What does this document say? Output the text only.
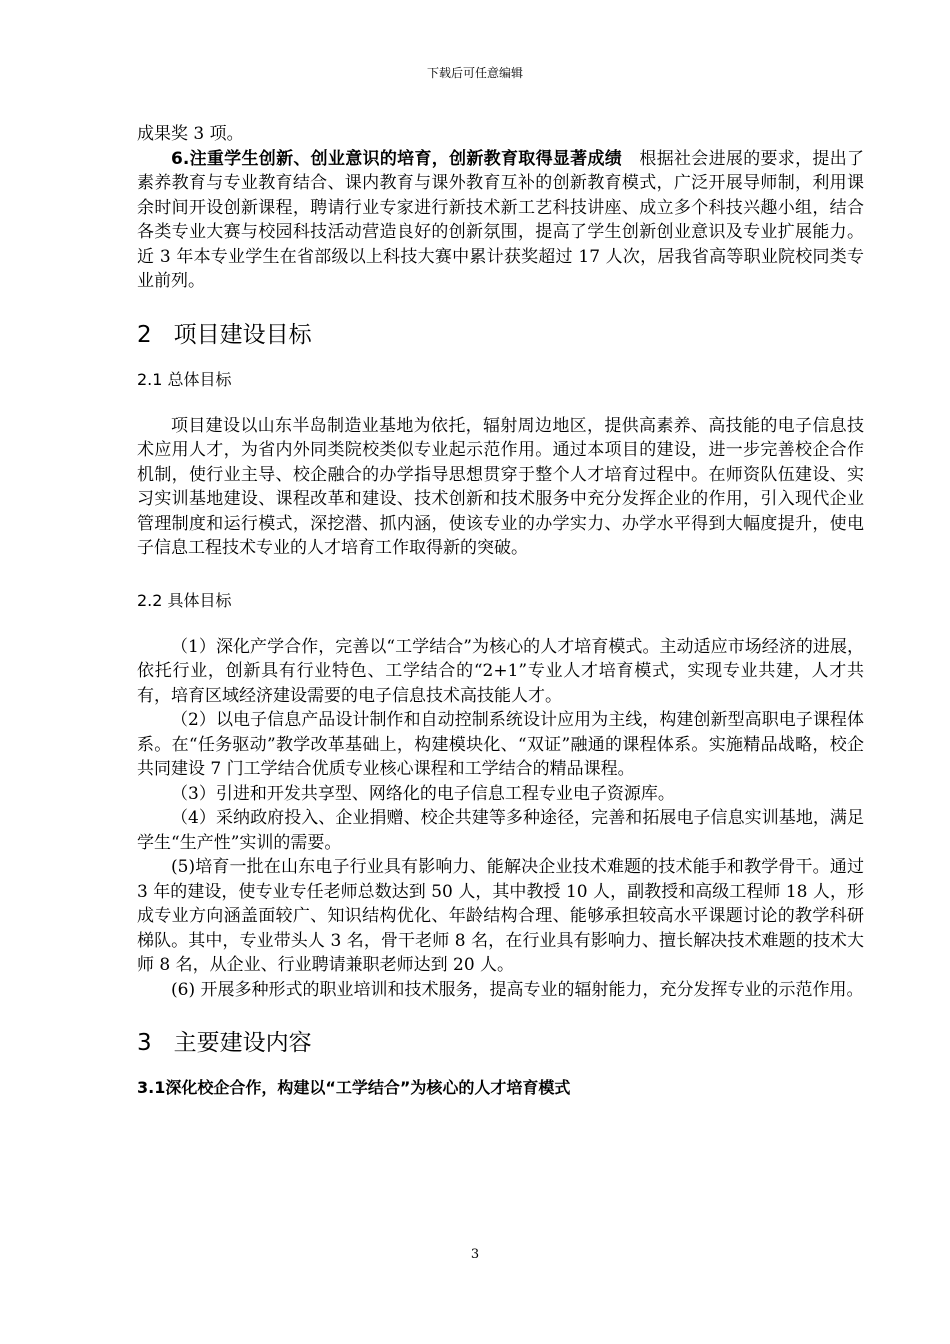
下载后可任意编辑

成果奖 3 项。

6.注重学生创新、创业意识的培育，创新教育取得显著成绩　根据社会进展的要求，提出了素养教育与专业教育结合、课内教育与课外教育互补的创新教育模式，广泛开展导师制，利用课余时间开设创新课程，聘请行业专家进行新技术新工艺科技讲座、成立多个科技兴趣小组，结合各类专业大赛与校园科技活动营造良好的创新氛围，提高了学生创新创业意识及专业扩展能力。近 3 年本专业学生在省部级以上科技大赛中累计获奖超过 17 人次，居我省高等职业院校同类专业前列。

2 项目建设目标
2.1 总体目标

项目建设以山东半岛制造业基地为依托，辐射周边地区，提供高素养、高技能的电子信息技术应用人才，为省内外同类院校类似专业起示范作用。通过本项目的建设，进一步完善校企合作机制，使行业主导、校企融合的办学指导思想贯穿于整个人才培育过程中。在师资队伍建设、实习实训基地建设、课程改革和建设、技术创新和技术服务中充分发挥企业的作用，引入现代企业管理制度和运行模式，深挖潜、抓内涵，使该专业的办学实力、办学水平得到大幅度提升，使电子信息工程技术专业的人才培育工作取得新的突破。

2.2 具体目标

（1）深化产学合作，完善以“工学结合”为核心的人才培育模式。主动适应市场经济的进展，依托行业，创新具有行业特色、工学结合的“2+1”专业人才培育模式，实现专业共建，人才共有，培育区域经济建设需要的电子信息技术高技能人才。

（2）以电子信息产品设计制作和自动控制系统设计应用为主线，构建创新型高职电子课程体系。在“任务驱动”教学改革基础上，构建模块化、“双证”融通的课程体系。实施精品战略，校企共同建设 7 门工学结合优质专业核心课程和工学结合的精品课程。

（3）引进和开发共享型、网络化的电子信息工程专业电子资源库。

（4）采纳政府投入、企业捐赠、校企共建等多种途径，完善和拓展电子信息实训基地，满足学生“生产性”实训的需要。

(5)培育一批在山东电子行业具有影响力、能解决企业技术难题的技术能手和教学骨干。通过 3 年的建设，使专业专任老师总数达到 50 人，其中教授 10 人，副教授和高级工程师 18 人，形成专业方向涵盖面较广、知识结构优化、年龄结构合理、能够承担较高水平课题讨论的教学科研梯队。其中，专业带头人 3 名，骨干老师 8 名，在行业具有影响力、擅长解决技术难题的技术大师 8 名，从企业、行业聘请兼职老师达到 20 人。

(6) 开展多种形式的职业培训和技术服务，提高专业的辐射能力，充分发挥专业的示范作用。

3 主要建设内容
3.1深化校企合作，构建以“工学结合”为核心的人才培育模式
3
